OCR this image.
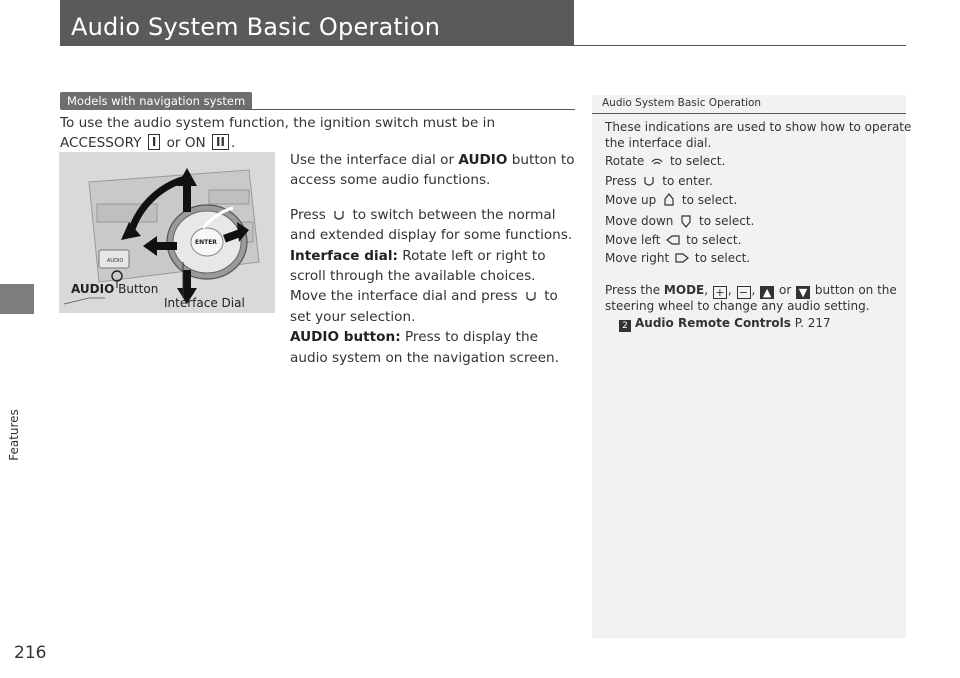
Audio System Basic Operation
Features
216
Models with navigation system
To use the audio system function, the ignition switch must be in ACCESSORY I or ON II .
AUDIO
ENTER
AUDIO Button
Interface Dial

Use the interface dial or AUDIO button to access some audio functions.

Press to switch between the normal and extended display for some functions.

Interface dial: Rotate left or right to scroll through the available choices. Move the interface dial and press to set your selection.

AUDIO button: Press to display the audio system on the navigation screen.

Audio System Basic Operation
These indications are used to show how to operate
the interface dial.
Rotate to select.
Press to enter.
Move up to select.
Move down to select.
Move left to select.
Move right to select.
Press the MODE, + , − , ▲ or ▼ button on the
steering wheel to change any audio setting.
2 Audio Remote Controls P. 217
